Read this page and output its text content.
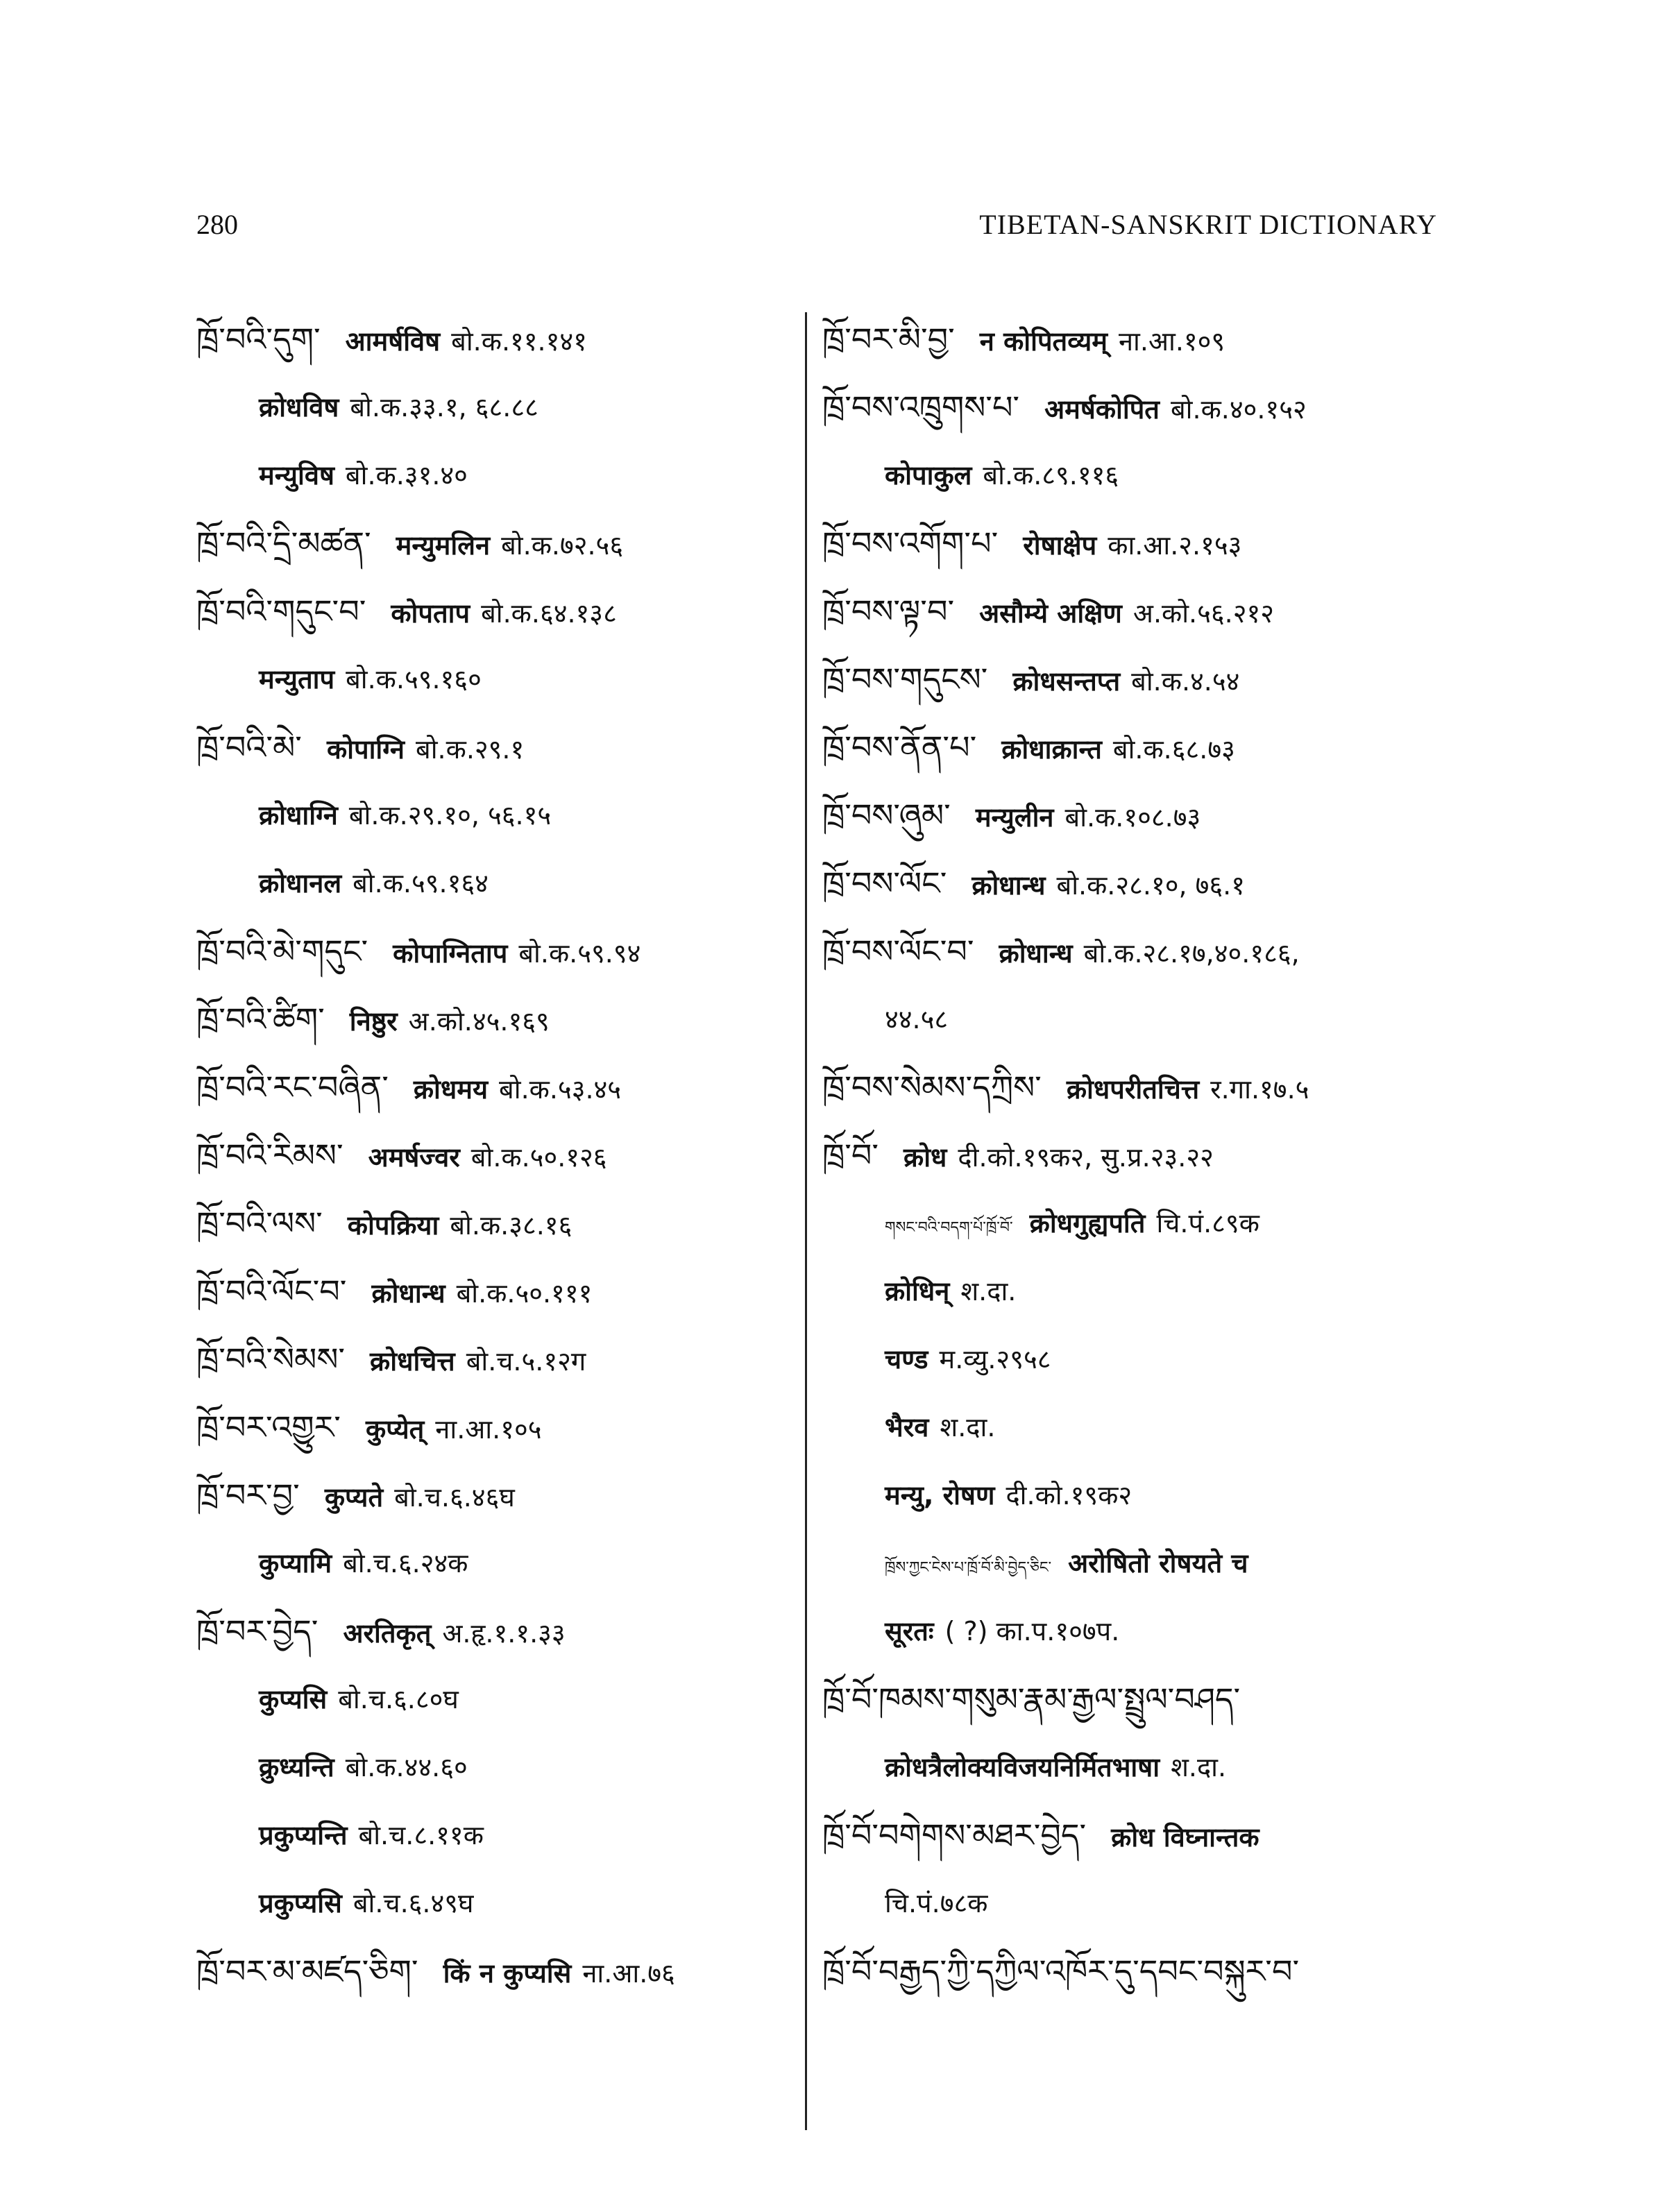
280	TIBETAN-SANSKRIT DICTIONARY
ཁྲོ་བའི་དུག་ आमर्षविष बो.क.११.१४१
क्रोधविष बो.क.३३.१, ६८.८८
मन्युविष बो.क.३१.४०
ཁྲོ་བའི་དྲི་མཚན་ मन्युमलिन बो.क.७२.५६
ཁྲོ་བའི་གདུང་བ་ कोपताप बो.क.६४.१३८
मन्युताप बो.क.५९.१६०
ཁྲོ་བའི་མེ་ कोपाग्नि बो.क.२९.१
क्रोधाग्नि बो.क.२९.१०, ५६.१५
क्रोधानल बो.क.५९.१६४
ཁྲོ་བའི་མེ་གདུང་ कोपाग्निताप बो.क.५९.९४
ཁྲོ་བའི་ཚིག་ निष्ठुर अ.को.४५.१६९
ཁྲོ་བའི་རང་བཞིན་ क्रोधमय बो.क.५३.४५
ཁྲོ་བའི་རིམས་ अमर्षज्वर बो.क.५०.१२६
ཁྲོ་བའི་ལས་ कोपक्रिया बो.क.३८.१६
ཁྲོ་བའི་ལོང་བ་ क्रोधान्ध बो.क.५०.१११
ཁྲོ་བའི་སེམས་ क्रोधचित्त बो.च.५.१२ग
ཁྲོ་བར་འགྱུར་ कुप्येत् ना.आ.१०५
ཁྲོ་བར་བྱ་ कुप्यते बो.च.६.४६घ
कुप्यामि बो.च.६.२४क
ཁྲོ་བར་བྱེད་ अरतिकृत् अ.हृ.१.१.३३
कुप्यसि बो.च.६.८०घ
क्रुध्यन्ति बो.क.४४.६०
प्रकुप्यन्ति बो.च.८.११क
प्रकुप्यसि बो.च.६.४९घ
ཁྲོ་བར་མ་མཛད་ཅིག་ किं न कुप्यसि ना.आ.७६
ཁྲོ་བར་མི་བྱ་ न कोपितव्यम् ना.आ.१०९
ཁྲོ་བས་འཁྲུགས་པ་ अमर्षकोपित बो.क.४०.१५२
कोपाकुल बो.क.८९.११६
ཁྲོ་བས་འགོག་པ་ रोषाक्षेप का.आ.२.१५३
ཁྲོ་བས་ལྟ་བ་ असौम्ये अक्षिण अ.को.५६.२१२
ཁྲོ་བས་གདུངས་ क्रोधसन्तप्त बो.क.४.५४
ཁྲོ་བས་ནོན་པ་ क्रोधाक्रान्त बो.क.६८.७३
ཁྲོ་བས་ཞུམ་ मन्युलीन बो.क.१०८.७३
ཁྲོ་བས་ལོང་ क्रोधान्ध बो.क.२८.१०, ७६.१
ཁྲོ་བས་ལོང་བ་ क्रोधान्ध बो.क.२८.१७,४०.१८६,
४४.५८
ཁྲོ་བས་སེམས་དཀྲིས་ क्रोधपरीतचित्त र.गा.१७.५
ཁྲོ་བོ་ क्रोध दी.को.१९क२, सु.प्र.२३.२२
གསང་བའི་བདག་པོ་ཁྲོ་བོ་ क्रोधगुह्यपति चि.पं.८९क
क्रोधिन् श.दा.
चण्ड म.व्यु.२९५८
भैरव श.दा.
मन्यु, रोषण दी.को.१९क२
ཁྲོས་ཀྱང་ངེས་པ་ཁྲོ་བོ་མི་བྱེད་ཅིང་ अरोषितो रोषयते च
सूरतः ( ?) का.प.१०७प.
ཁྲོ་བོ་ཁམས་གསུམ་རྣམ་རྒྱལ་སྤྲུལ་བཤད་
क्रोधत्रैलोक्यविजयनिर्मितभाषा श.दा.
ཁྲོ་བོ་བགེགས་མཐར་བྱེད་ क्रोध विघ्नान्तक
चि.पं.७८क
ཁྲོ་བོ་བརྒྱད་ཀྱི་དཀྱིལ་འཁོར་དུ་དབང་བསྐུར་བ་
